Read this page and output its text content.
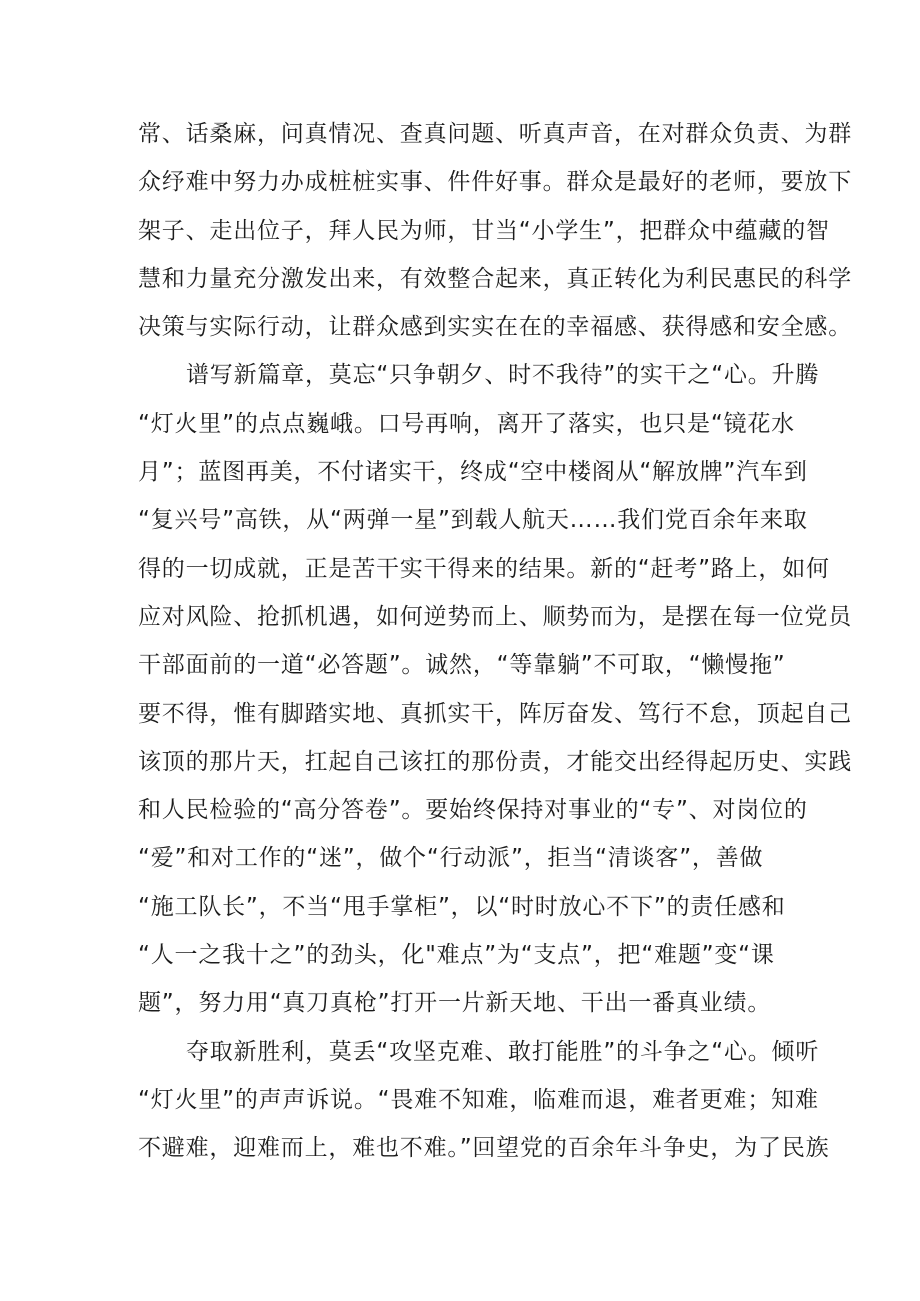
常、话桑麻，问真情况、查真问题、听真声音，在对群众负责、为群
众纾难中努力办成桩桩实事、件件好事。群众是最好的老师，要放下
架子、走出位子，拜人民为师，甘当“小学生”，把群众中蕴藏的智
慧和力量充分激发出来，有效整合起来，真正转化为利民惠民的科学
决策与实际行动，让群众感到实实在在的幸福感、获得感和安全感。
谱写新篇章，莫忘“只争朝夕、时不我待”的实干之“心。升腾
“灯火里”的点点巍峨。口号再响，离开了落实，也只是“镜花水
月”；蓝图再美，不付诸实干，终成“空中楼阁从“解放牌”汽车到
“复兴号”高铁，从“两弹一星”到载人航天……我们党百余年来取
得的一切成就，正是苦干实干得来的结果。新的“赶考”路上，如何
应对风险、抢抓机遇，如何逆势而上、顺势而为，是摆在每一位党员
干部面前的一道“必答题”。诚然，“等靠躺”不可取，“懒慢拖”
要不得，惟有脚踏实地、真抓实干，阵厉奋发、笃行不怠，顶起自己
该顶的那片天，扛起自己该扛的那份责，才能交出经得起历史、实践
和人民检验的“高分答卷”。要始终保持对事业的“专”、对岗位的
“爱”和对工作的“迷”，做个“行动派”，拒当“清谈客”，善做
“施工队长”，不当“甩手掌柜”，以“时时放心不下”的责任感和
“人一之我十之”的劲头，化"难点”为“支点”，把“难题”变“课
题”，努力用“真刀真枪”打开一片新天地、干出一番真业绩。
夺取新胜利，莫丢“攻坚克难、敢打能胜”的斗争之“心。倾听
“灯火里”的声声诉说。“畏难不知难，临难而退，难者更难；知难
不避难，迎难而上，难也不难。”回望党的百余年斗争史，为了民族
